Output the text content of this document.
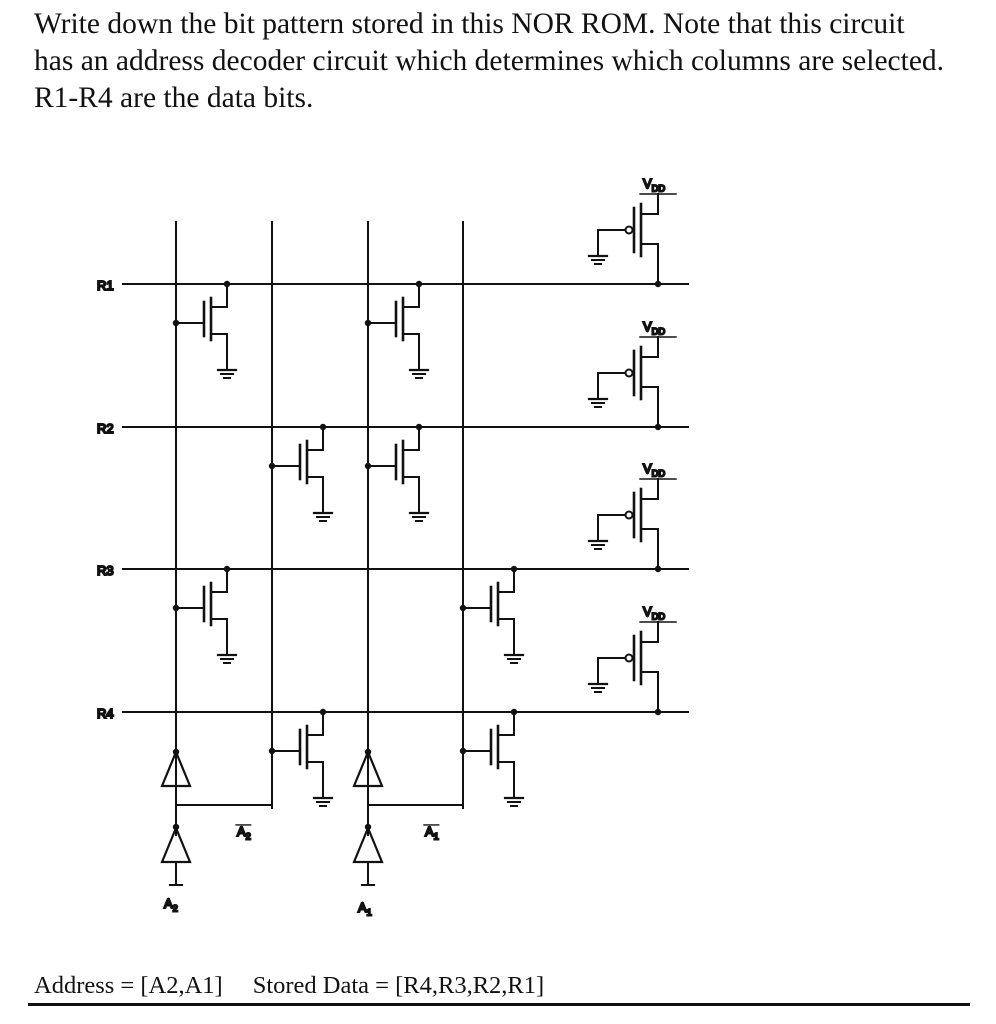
Write down the bit pattern stored in this NOR ROM. Note that this circuit
has an address decoder circuit which determines which columns are selected.
R1-R4 are the data bits.
R1
R2
R3
R4
$V_{DD}$
$V_{DD}$
$V_{DD}$
$V_{DD}$
$A_2$
$A_2$
$A_1$
$A_1$
Address = [A2,A1] Stored Data = [R4,R3,R2,R1]
